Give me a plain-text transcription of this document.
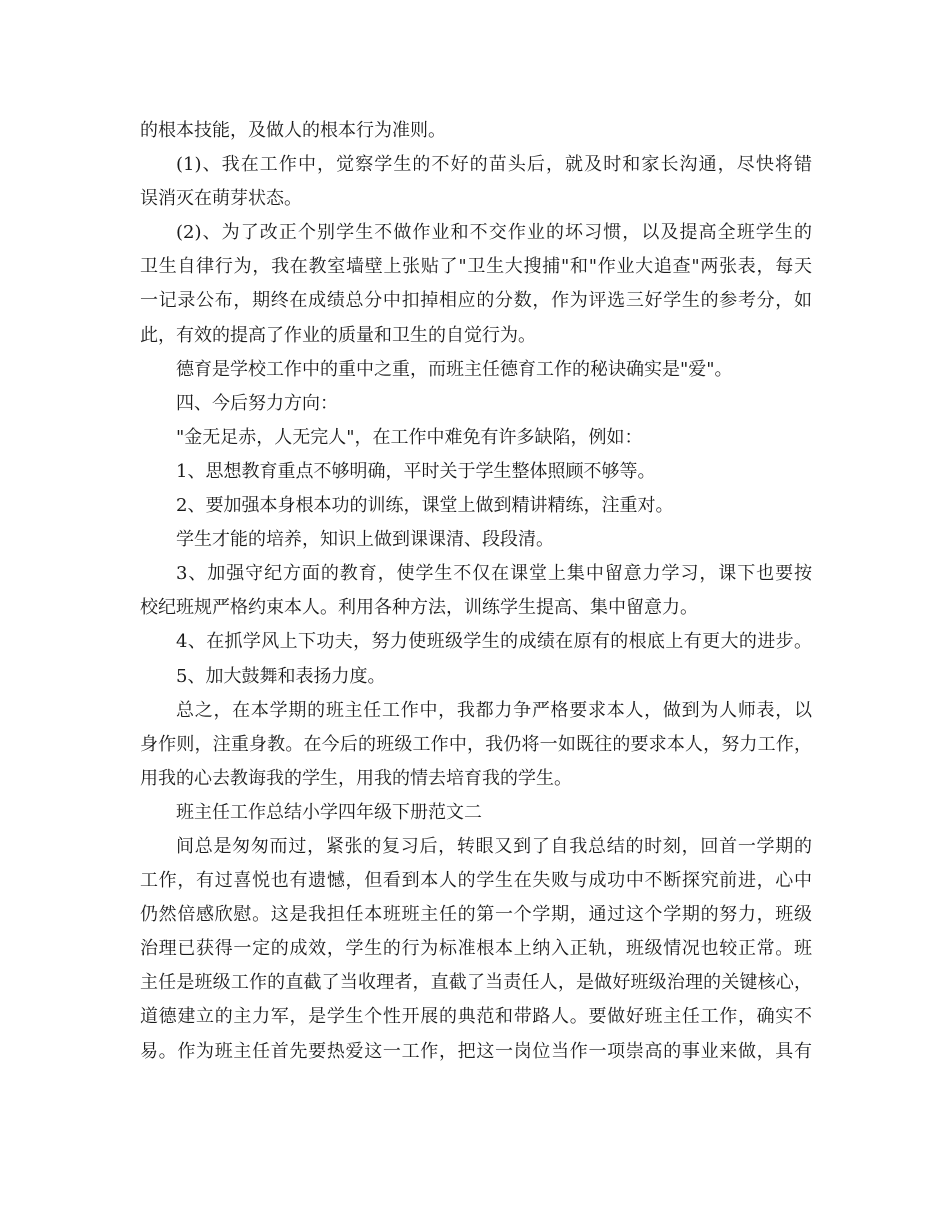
的根本技能，及做人的根本行为准则。
(1)、我在工作中，觉察学生的不好的苗头后，就及时和家长沟通，尽快将错
误消灭在萌芽状态。
(2)、为了改正个别学生不做作业和不交作业的坏习惯，以及提高全班学生的
卫生自律行为，我在教室墙壁上张贴了"卫生大搜捕"和"作业大追查"两张表，每天
一记录公布，期终在成绩总分中扣掉相应的分数，作为评选三好学生的参考分，如
此，有效的提高了作业的质量和卫生的自觉行为。
德育是学校工作中的重中之重，而班主任德育工作的秘诀确实是"爱"。
四、今后努力方向：
"金无足赤，人无完人"，在工作中难免有许多缺陷，例如：
1、思想教育重点不够明确，平时关于学生整体照顾不够等。
2、要加强本身根本功的训练，课堂上做到精讲精练，注重对。
学生才能的培养，知识上做到课课清、段段清。
3、加强守纪方面的教育，使学生不仅在课堂上集中留意力学习，课下也要按
校纪班规严格约束本人。利用各种方法，训练学生提高、集中留意力。
4、在抓学风上下功夫，努力使班级学生的成绩在原有的根底上有更大的进步。
5、加大鼓舞和表扬力度。
总之，在本学期的班主任工作中，我都力争严格要求本人，做到为人师表，以
身作则，注重身教。在今后的班级工作中，我仍将一如既往的要求本人，努力工作，
用我的心去教诲我的学生，用我的情去培育我的学生。
班主任工作总结小学四年级下册范文二
间总是匆匆而过，紧张的复习后，转眼又到了自我总结的时刻，回首一学期的
工作，有过喜悦也有遗憾，但看到本人的学生在失败与成功中不断探究前进，心中
仍然倍感欣慰。这是我担任本班班主任的第一个学期，通过这个学期的努力，班级
治理已获得一定的成效，学生的行为标准根本上纳入正轨，班级情况也较正常。班
主任是班级工作的直截了当收理者，直截了当责任人，是做好班级治理的关键核心，
道德建立的主力军，是学生个性开展的典范和带路人。要做好班主任工作，确实不
易。作为班主任首先要热爱这一工作，把这一岗位当作一项崇高的事业来做，具有
